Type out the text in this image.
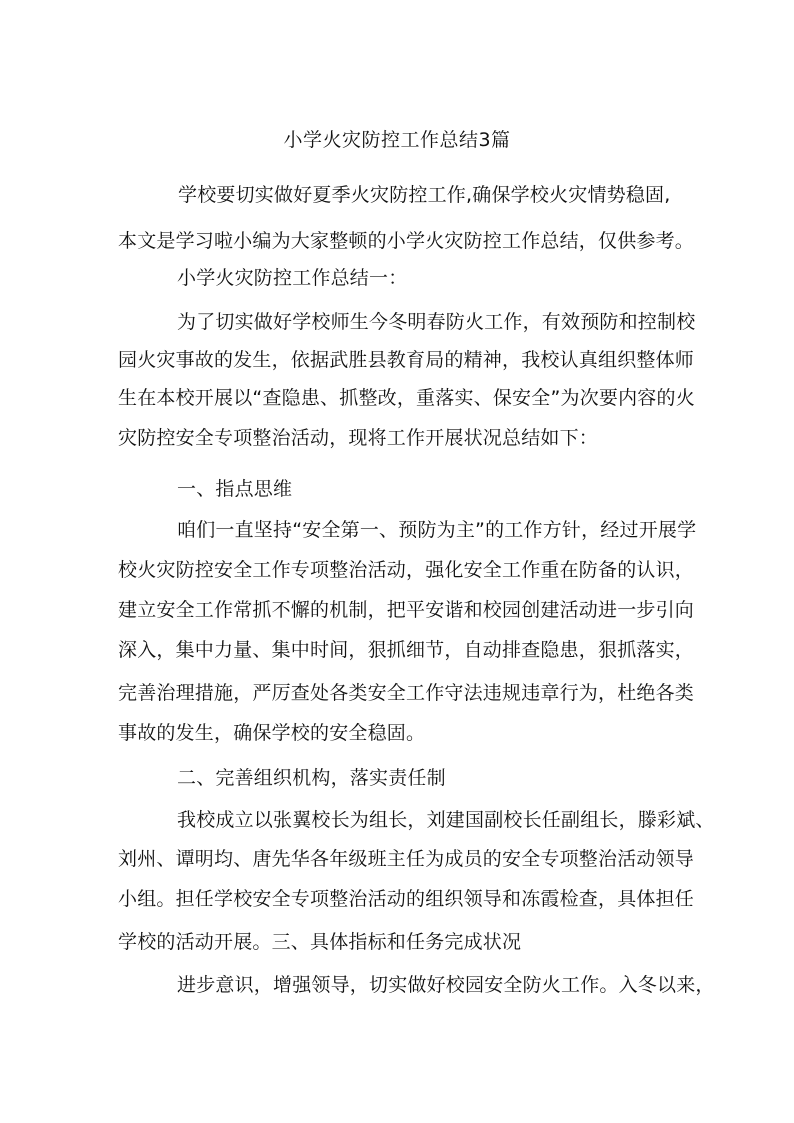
小学火灾防控工作总结3篇
学校要切实做好夏季火灾防控工作,确保学校火灾情势稳固,
本文是学习啦小编为大家整顿的小学火灾防控工作总结，仅供参考。
小学火灾防控工作总结一：
为了切实做好学校师生今冬明春防火工作，有效预防和控制校
园火灾事故的发生，依据武胜县教育局的精神，我校认真组织整体师
生在本校开展以“查隐患、抓整改，重落实、保安全”为次要内容的火
灾防控安全专项整治活动，现将工作开展状况总结如下：
一、指点思维
咱们一直坚持“安全第一、预防为主”的工作方针，经过开展学
校火灾防控安全工作专项整治活动，强化安全工作重在防备的认识，
建立安全工作常抓不懈的机制，把平安谐和校园创建活动进一步引向
深入，集中力量、集中时间，狠抓细节，自动排查隐患，狠抓落实，
完善治理措施，严厉查处各类安全工作守法违规违章行为，杜绝各类
事故的发生，确保学校的安全稳固。
二、完善组织机构，落实责任制
我校成立以张翼校长为组长，刘建国副校长任副组长，滕彩斌、
刘州、谭明均、唐先华各年级班主任为成员的安全专项整治活动领导
小组。担任学校安全专项整治活动的组织领导和冻霞检查，具体担任
学校的活动开展。三、具体指标和任务完成状况
进步意识，增强领导，切实做好校园安全防火工作。入冬以来，
